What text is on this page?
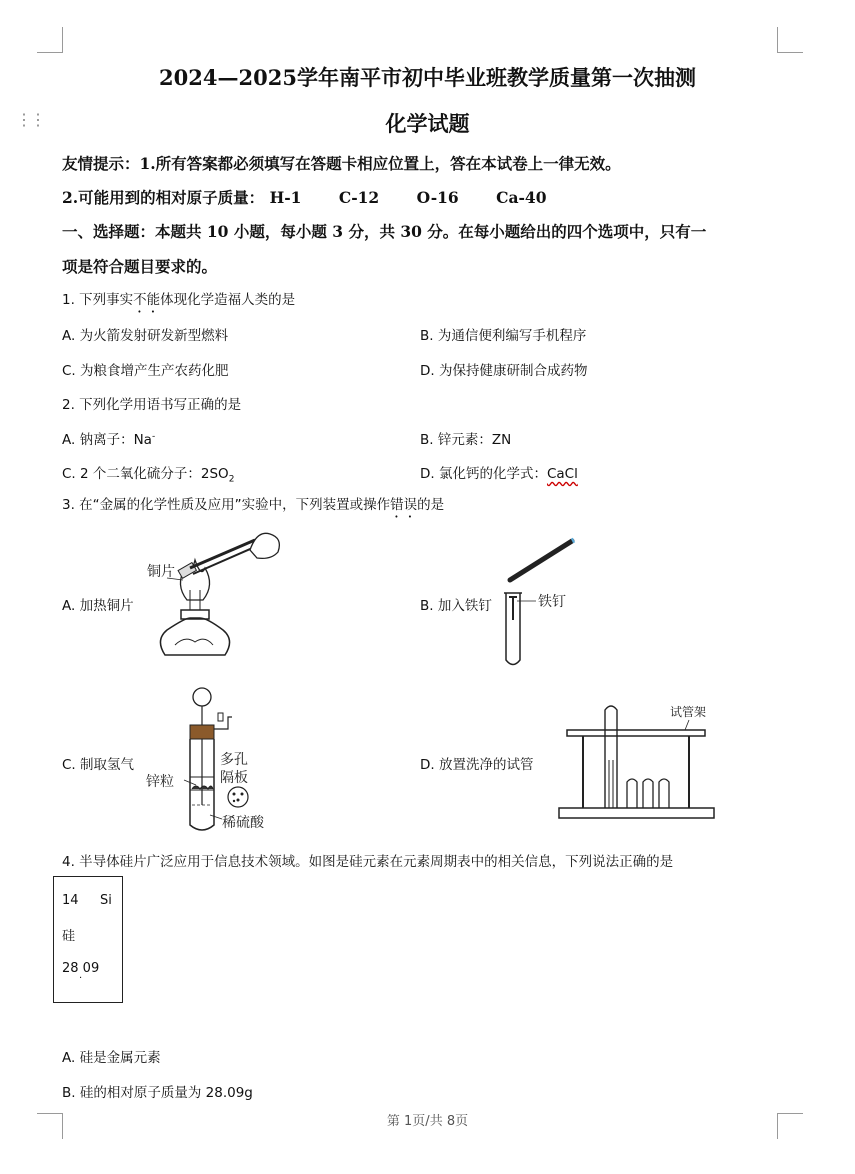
⋮⋮
2024—2025学年南平市初中毕业班教学质量第一次抽测
化学试题
友情提示：1.所有答案都必须填写在答题卡相应位置上，答在本试卷上一律无效。
2.可能用到的相对原子质量： H-1 C-12 O-16 Ca-40
一、选择题：本题共 10 小题，每小题 3 分，共 30 分。在每小题给出的四个选项中，只有一
项是符合题目要求的。
1. 下列事实不能体现化学造福人类的是
A. 为火箭发射研发新型燃料	B. 为通信便利编写手机程序
C. 为粮食增产生产农药化肥	D. 为保持健康研制合成药物
2. 下列化学用语书写正确的是
A. 钠离子：Na-	B. 锌元素：ZN
C. 2 个二氧化硫分子：$2SO_2$	D. 氯化钙的化学式：CaCl
3. 在“金属的化学性质及应用”实验中，下列装置或操作错误的是
A. 加热铜片	B. 加入铁钉
C. 制取氢气	D. 放置洗净的试管
铜片
铁钉
多孔
隔板
锌粒
稀硫酸
试管架
4. 半导体硅片广泛应用于信息技术领域。如图是硅元素在元素周期表中的相关信息，下列说法正确的是
14 Si
硅
28 09
·
A. 硅是金属元素
B. 硅的相对原子质量为 28.09g
第 1页/共 8页
